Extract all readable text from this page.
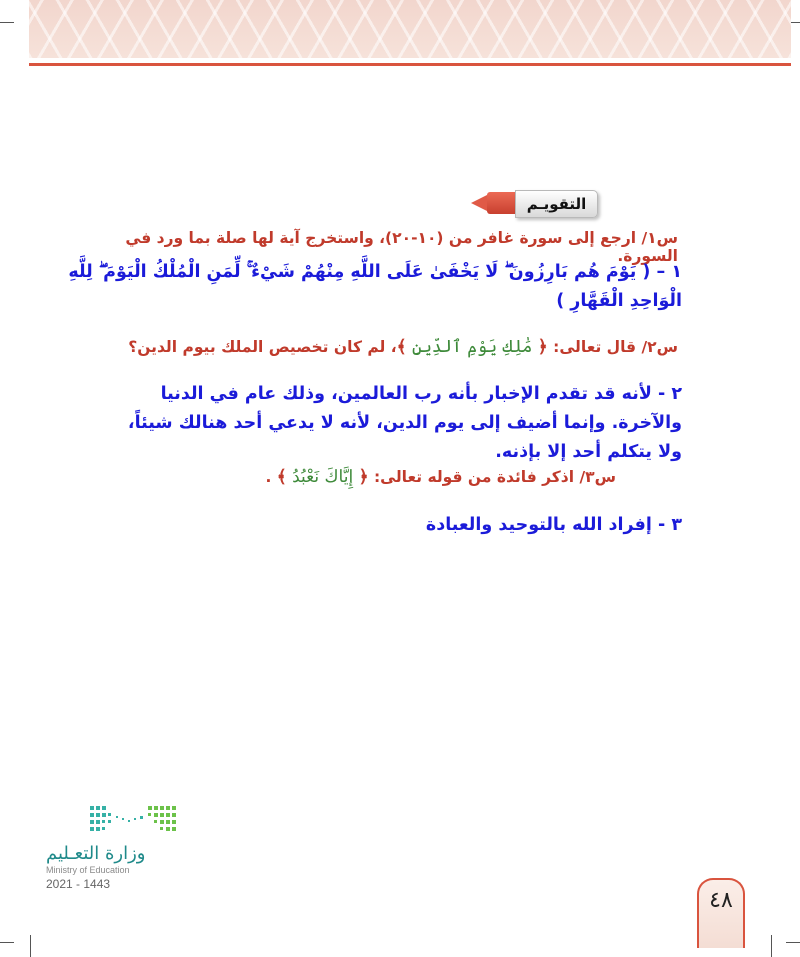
التقويـم
س١/ ارجع إلى سورة غافر من (١٠-٢٠)، واستخرج آية لها صلة بما ورد في السورة.
١ – ( يَوْمَ هُم بَارِزُونَ ۖ لَا يَخْفَىٰ عَلَى اللَّهِ مِنْهُمْ شَيْءٌ ۚ لِّمَنِ الْمُلْكُ الْيَوْمَ ۖ لِلَّهِ
الْوَاحِدِ الْقَهَّارِ )
س٢/ قال تعالى: ﴿ مَٰلِكِ يَوْمِ ٱلدِّينِ ﴾، لم كان تخصيص الملك بيوم الدين؟
٢ - لأنه قد تقدم الإخبار بأنه رب العالمين، وذلك عام في الدنيا والآخرة. وإنما أضيف إلى يوم الدين، لأنه لا يدعي أحد هنالك شيئاً، ولا يتكلم أحد إلا بإذنه.
س٣/ اذكر فائدة من قوله تعالى: ﴿ إِيَّاكَ نَعْبُدُ ﴾ .
٣ - إفراد الله بالتوحيد والعبادة
وزارة التعـليم
Ministry of Education
2021 - 1443
٤٨
